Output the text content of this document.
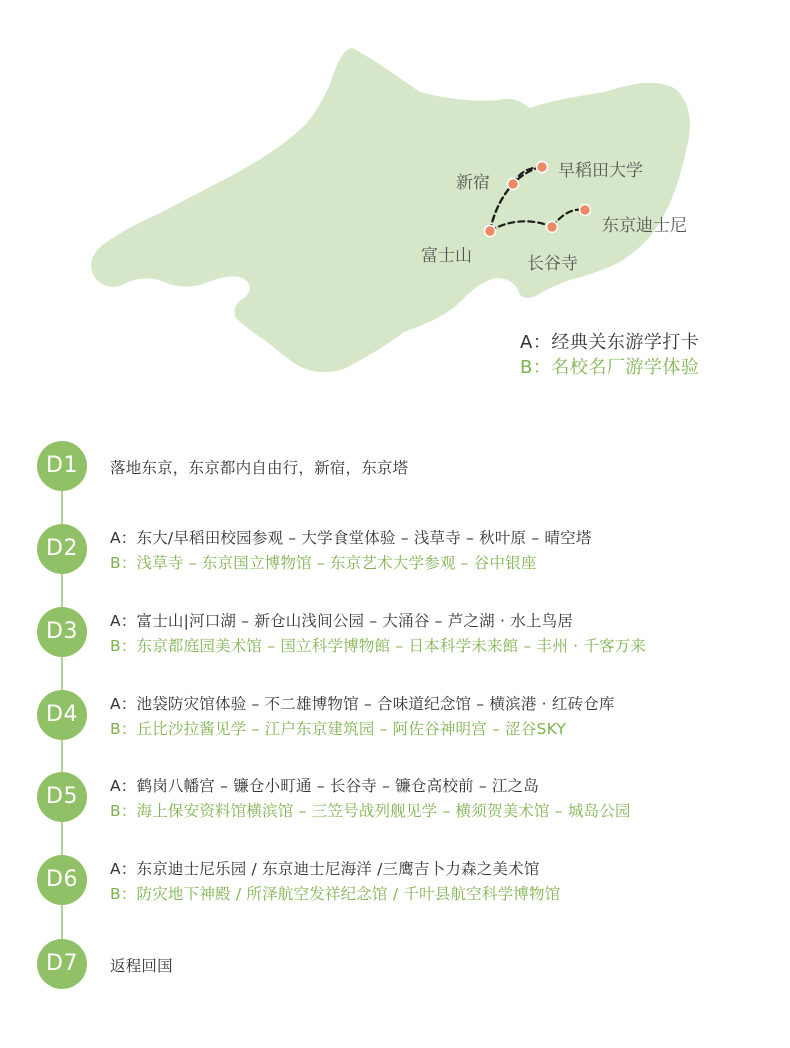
早稻田大学
新宿
东京迪士尼
富士山	长谷寺
A：经典关东游学打卡
B：名校名厂游学体验
D1	落地东京，东京都内自由行，新宿，东京塔
D2	A：东大/早稻田校园参观 – 大学食堂体验 – 浅草寺 – 秋叶原 – 晴空塔
B：浅草寺 – 东京国立博物馆 – 东京艺术大学参观 – 谷中银座
D3	A：富士山|河口湖 – 新仓山浅间公园 – 大涌谷 – 芦之湖 · 水上鸟居
B：东京都庭园美术馆 – 国立科学博物館 – 日本科学未来館 – 丰州 · 千客万来
D4	A：池袋防灾馆体验 – 不二雄博物馆 – 合味道纪念馆 – 横滨港 · 红砖仓库
B：丘比沙拉酱见学 – 江户东京建筑园 – 阿佐谷神明宫 – 涩谷SKY
D5	A：鹤岗八幡宫 – 镰仓小町通 – 长谷寺 – 镰仓高校前 – 江之岛
B：海上保安资料馆横滨馆 – 三笠号战列舰见学 – 横须贺美术馆 – 城岛公园
D6	A：东京迪士尼乐园 / 东京迪士尼海洋 /三鹰吉卜力森之美术馆
B：防灾地下神殿 / 所泽航空发祥纪念馆 / 千叶县航空科学博物馆
D7	返程回国
